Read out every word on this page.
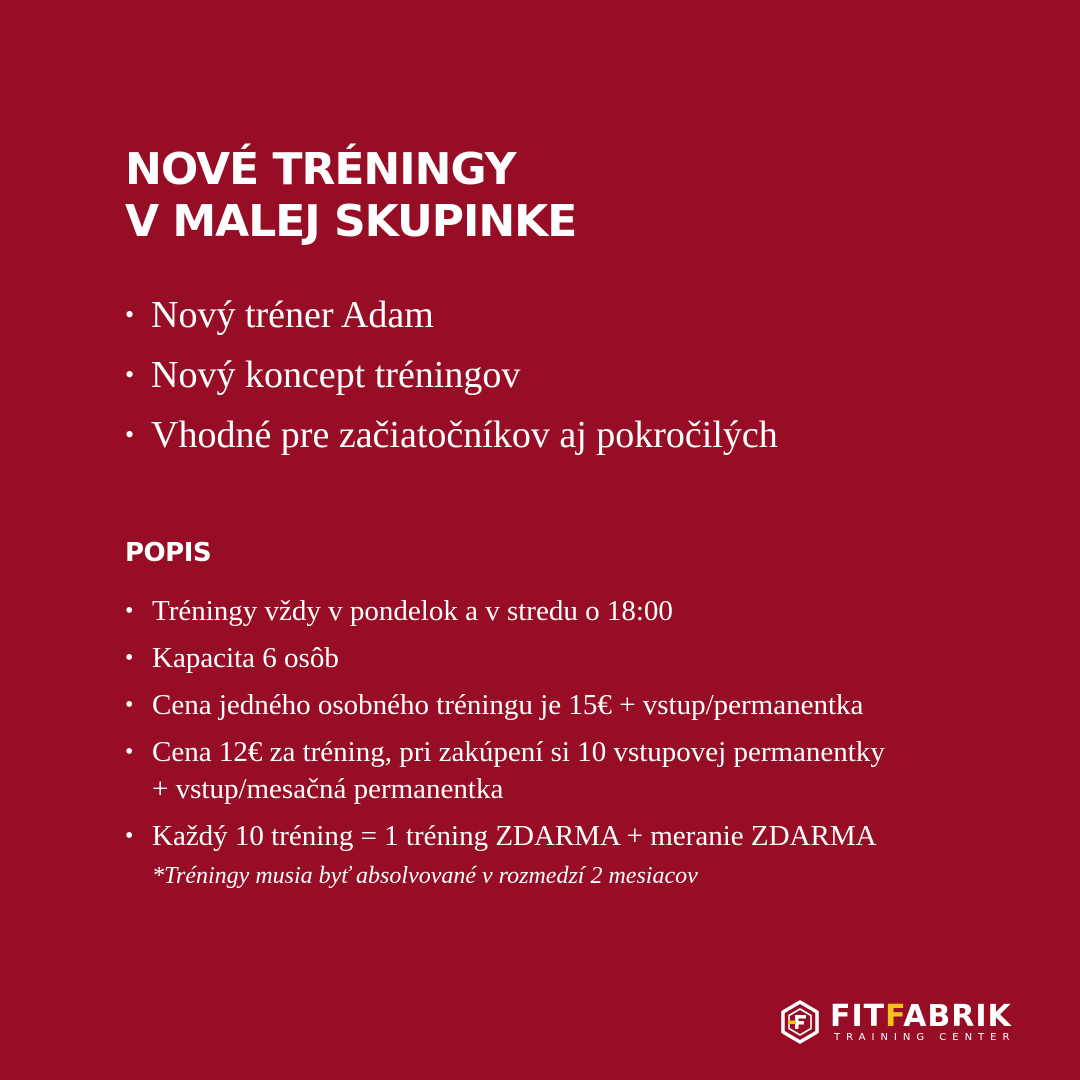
NOVÉ TRÉNINGY
V MALEJ SKUPINKE
• Nový tréner Adam
• Nový koncept tréningov
• Vhodné pre začiatočníkov aj pokročilých
POPIS
• Tréningy vždy v pondelok a v stredu o 18:00
• Kapacita 6 osôb
• Cena jedného osobného tréningu je 15€ + vstup/permanentka
• Cena 12€ za tréning, pri zakúpení si 10 vstupovej permanentky
+ vstup/mesačná permanentka
• Každý 10 tréning = 1 tréning ZDARMA + meranie ZDARMA
*Tréningy musia byť absolvované v rozmedzí 2 mesiacov
FITFABRIK
TRAINING CENTER
